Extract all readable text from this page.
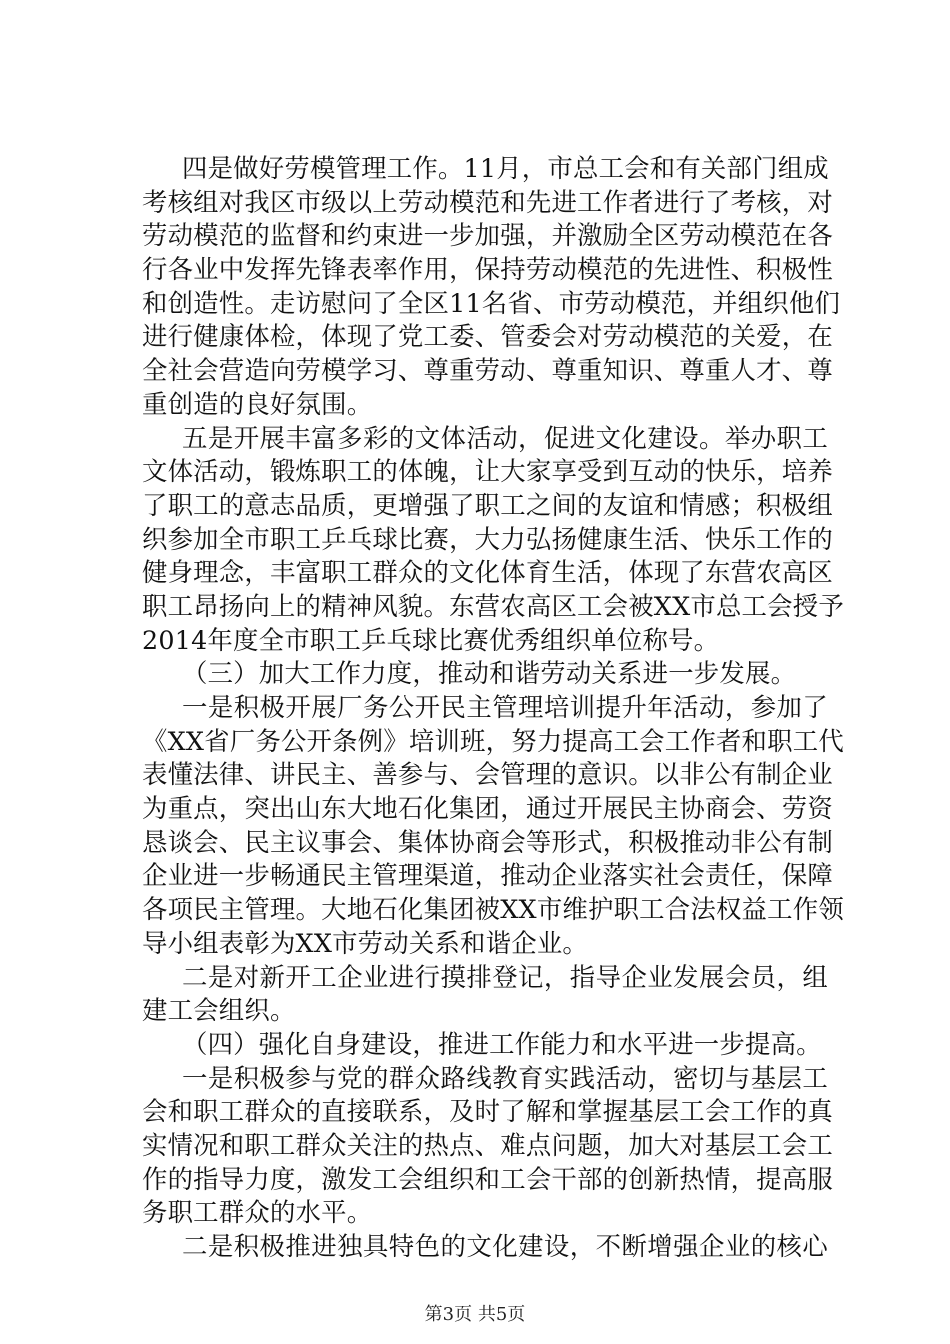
四是做好劳模管理工作。11月，市总工会和有关部门组成
考核组对我区市级以上劳动模范和先进工作者进行了考核，对
劳动模范的监督和约束进一步加强，并激励全区劳动模范在各
行各业中发挥先锋表率作用，保持劳动模范的先进性、积极性
和创造性。走访慰问了全区11名省、市劳动模范，并组织他们
进行健康体检，体现了党工委、管委会对劳动模范的关爱，在
全社会营造向劳模学习、尊重劳动、尊重知识、尊重人才、尊
重创造的良好氛围。
五是开展丰富多彩的文体活动，促进文化建设。举办职工
文体活动，锻炼职工的体魄，让大家享受到互动的快乐，培养
了职工的意志品质，更增强了职工之间的友谊和情感；积极组
织参加全市职工乒乓球比赛，大力弘扬健康生活、快乐工作的
健身理念，丰富职工群众的文化体育生活，体现了东营农高区
职工昂扬向上的精神风貌。东营农高区工会被XX市总工会授予
2014年度全市职工乒乓球比赛优秀组织单位称号。
（三）加大工作力度，推动和谐劳动关系进一步发展。
一是积极开展厂务公开民主管理培训提升年活动，参加了
《XX省厂务公开条例》培训班，努力提高工会工作者和职工代
表懂法律、讲民主、善参与、会管理的意识。以非公有制企业
为重点，突出山东大地石化集团，通过开展民主协商会、劳资
恳谈会、民主议事会、集体协商会等形式，积极推动非公有制
企业进一步畅通民主管理渠道，推动企业落实社会责任，保障
各项民主管理。大地石化集团被XX市维护职工合法权益工作领
导小组表彰为XX市劳动关系和谐企业。
二是对新开工企业进行摸排登记，指导企业发展会员，组
建工会组织。
（四）强化自身建设，推进工作能力和水平进一步提高。
一是积极参与党的群众路线教育实践活动，密切与基层工
会和职工群众的直接联系，及时了解和掌握基层工会工作的真
实情况和职工群众关注的热点、难点问题，加大对基层工会工
作的指导力度，激发工会组织和工会干部的创新热情，提高服
务职工群众的水平。
二是积极推进独具特色的文化建设，不断增强企业的核心
第3页 共5页
